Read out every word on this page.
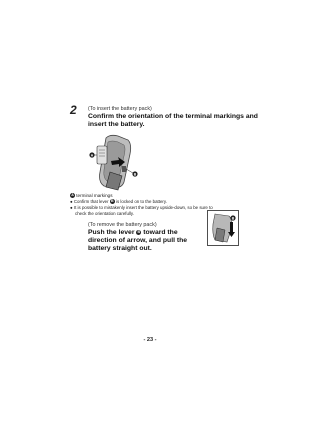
2 (To insert the battery pack)
Confirm the orientation of the terminal markings and
insert the battery.
A
B
A terminal markings
● Confirm that lever B is locked on to the battery.
● It is possible to mistakenly insert the battery upside-down, so be sure to
check the orientation carefully.
(To remove the battery pack)
Push the lever B toward the
direction of arrow, and pull the
battery straight out.
B
- 23 -
